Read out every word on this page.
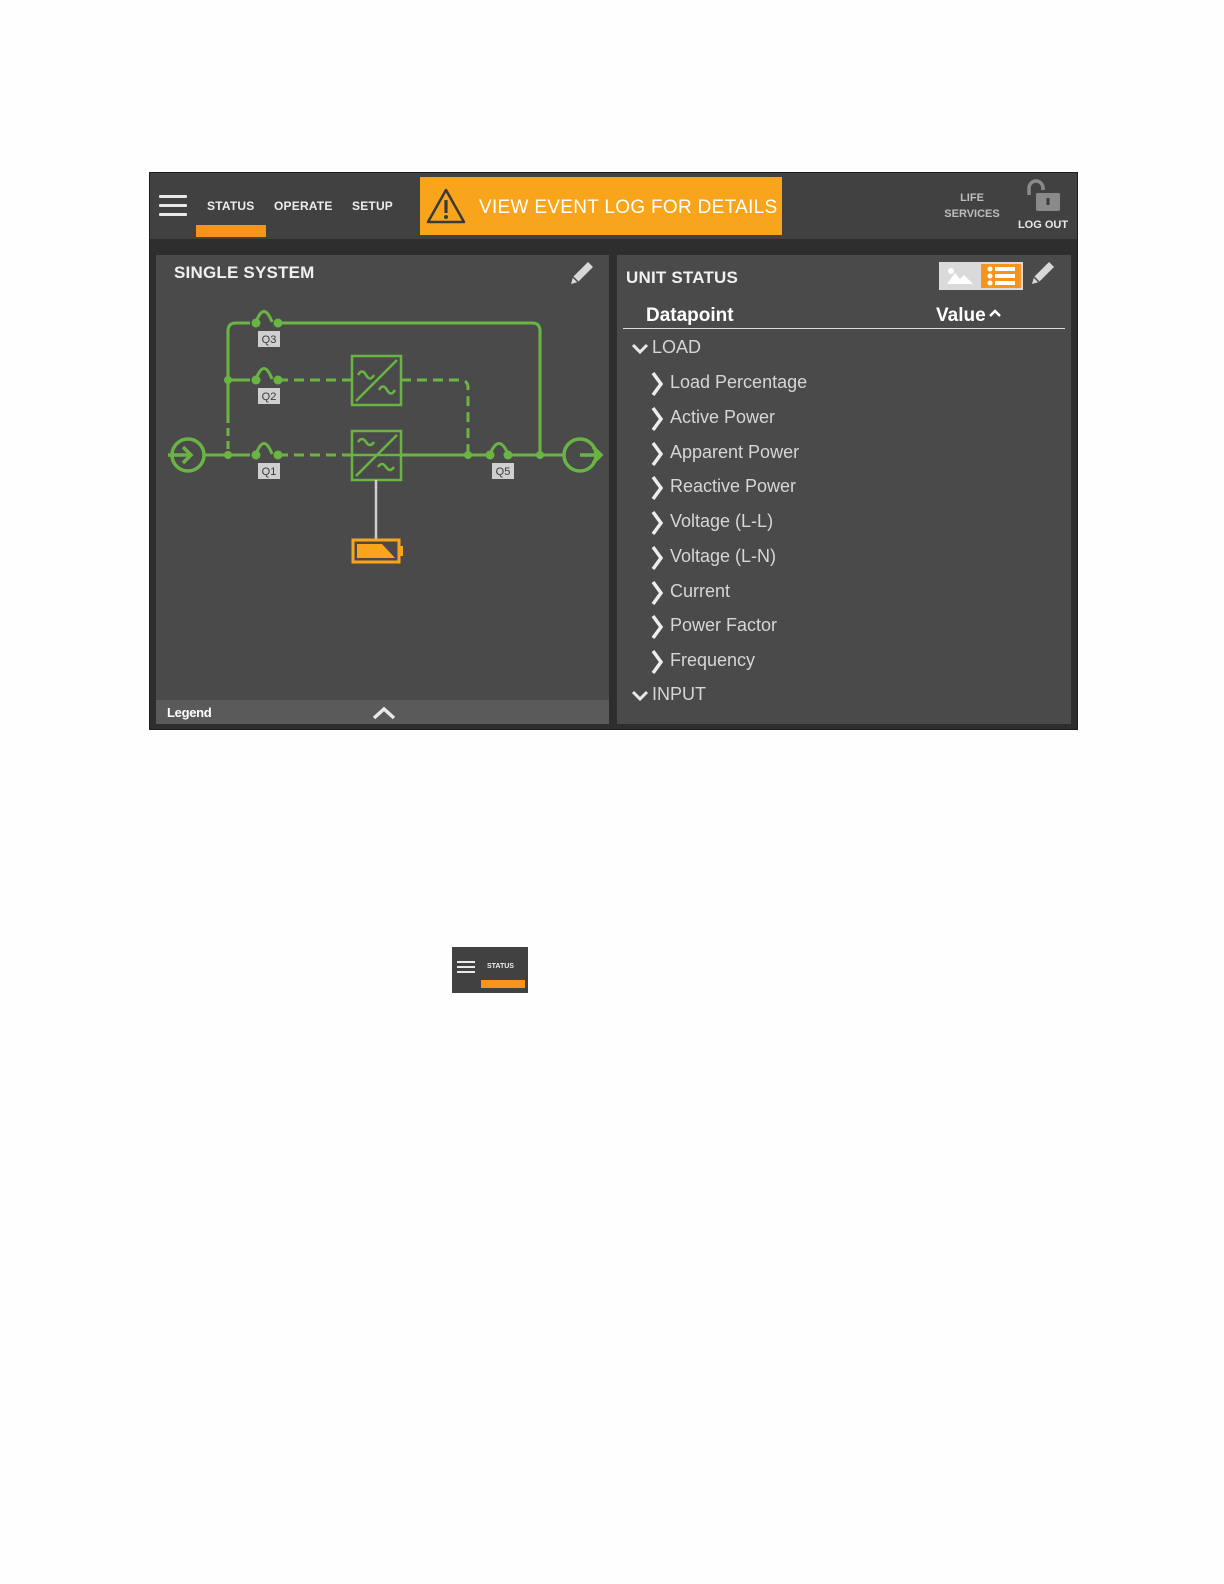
STATUS OPERATE SETUP	VIEW EVENT LOG FOR DETAILS	LIFE
SERVICES
LOG OUT
SINGLE SYSTEM
Q3
Q2
Q1	Q5
Legend
UNIT STATUS
Datapoint	Value
LOAD
Load Percentage
Active Power
Apparent Power
Reactive Power
Voltage (L-L)
Voltage (L-N)
Current
Power Factor
Frequency
INPUT
STATUS
